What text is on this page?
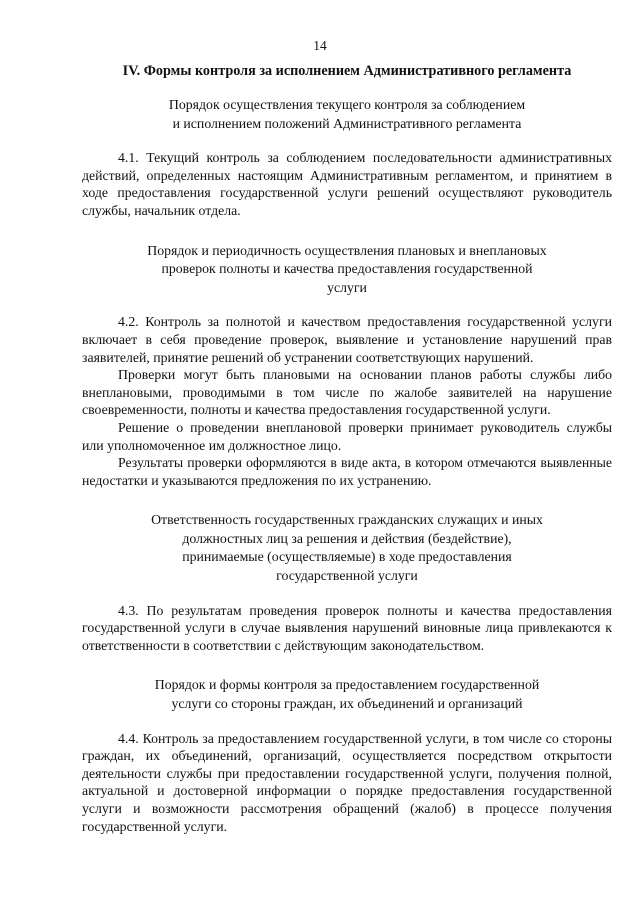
14
IV. Формы контроля за исполнением Административного регламента
Порядок осуществления текущего контроля за соблюдением
и исполнением положений Административного регламента

4.1. Текущий контроль за соблюдением последовательности административных действий, определенных настоящим Административным регламентом, и принятием в ходе предоставления государственной услуги решений осуществляют руководитель службы, начальник отдела.

Порядок и периодичность осуществления плановых и внеплановых
проверок полноты и качества предоставления государственной
услуги

4.2. Контроль за полнотой и качеством предоставления государственной услуги включает в себя проведение проверок, выявление и установление нарушений прав заявителей, принятие решений об устранении соответствующих нарушений.

Проверки могут быть плановыми на основании планов работы службы либо внеплановыми, проводимыми в том числе по жалобе заявителей на нарушение своевременности, полноты и качества предоставления государственной услуги.

Решение о проведении внеплановой проверки принимает руководитель службы или уполномоченное им должностное лицо.

Результаты проверки оформляются в виде акта, в котором отмечаются выявленные недостатки и указываются предложения по их устранению.

Ответственность государственных гражданских служащих и иных
должностных лиц за решения и действия (бездействие),
принимаемые (осуществляемые) в ходе предоставления
государственной услуги

4.3. По результатам проведения проверок полноты и качества предоставления государственной услуги в случае выявления нарушений виновные лица привлекаются к ответственности в соответствии с действующим законодательством.

Порядок и формы контроля за предоставлением государственной
услуги со стороны граждан, их объединений и организаций

4.4. Контроль за предоставлением государственной услуги, в том числе со стороны граждан, их объединений, организаций, осуществляется посредством открытости деятельности службы при предоставлении государственной услуги, получения полной, актуальной и достоверной информации о порядке предоставления государственной услуги и возможности рассмотрения обращений (жалоб) в процессе получения государственной услуги.
